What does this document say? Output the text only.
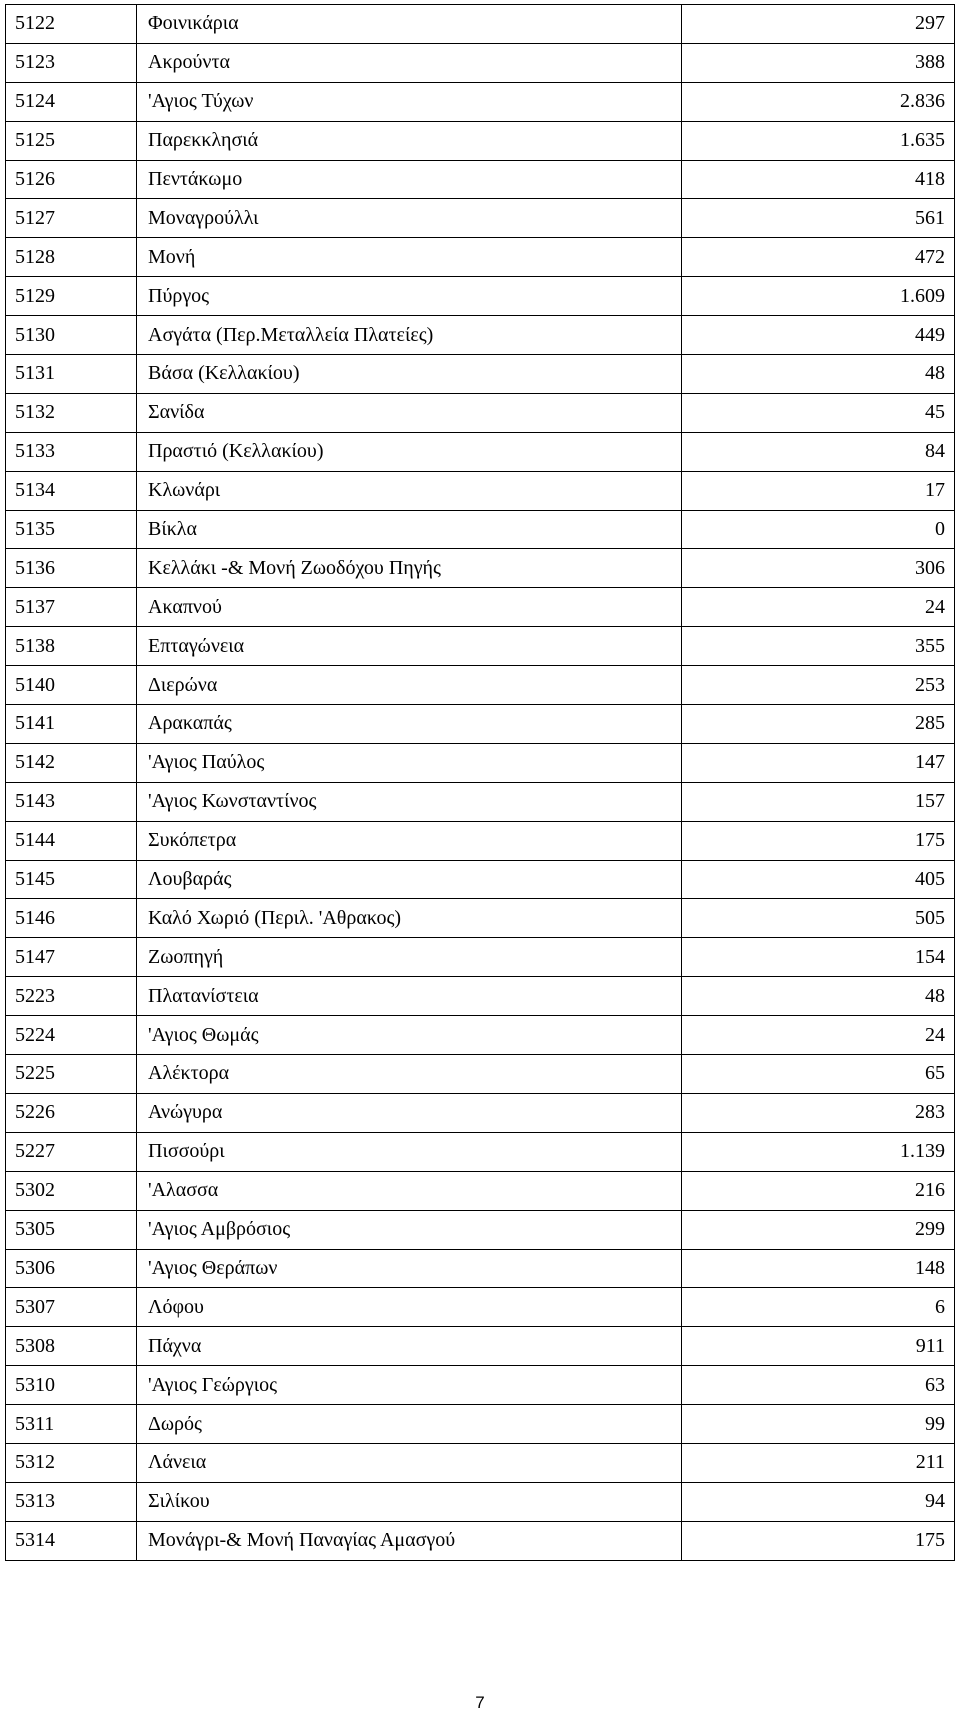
5122	Φοινικάρια	297
5123	Ακρούντα	388
5124	'Αγιος Τύχων	2.836
5125	Παρεκκλησιά	1.635
5126	Πεντάκωμο	418
5127	Μοναγρούλλι	561
5128	Μονή	472
5129	Πύργος	1.609
5130	Ασγάτα (Περ.Μεταλλεία Πλατείες)	449
5131	Βάσα (Κελλακίου)	48
5132	Σανίδα	45
5133	Πραστιό (Κελλακίου)	84
5134	Κλωνάρι	17
5135	Βίκλα	0
5136	Κελλάκι -& Μονή Ζωοδόχου Πηγής	306
5137	Ακαπνού	24
5138	Επταγώνεια	355
5140	Διερώνα	253
5141	Αρακαπάς	285
5142	'Αγιος Παύλος	147
5143	'Αγιος Κωνσταντίνος	157
5144	Συκόπετρα	175
5145	Λουβαράς	405
5146	Καλό Χωριό (Περιλ. 'Αθρακος)	505
5147	Ζωοπηγή	154
5223	Πλατανίστεια	48
5224	'Αγιος Θωμάς	24
5225	Αλέκτορα	65
5226	Ανώγυρα	283
5227	Πισσούρι	1.139
5302	'Αλασσα	216
5305	'Αγιος Αμβρόσιος	299
5306	'Αγιος Θεράπων	148
5307	Λόφου	6
5308	Πάχνα	911
5310	'Αγιος Γεώργιος	63
5311	Δωρός	99
5312	Λάνεια	211
5313	Σιλίκου	94
5314	Μονάγρι-& Μονή Παναγίας Αμασγού	175
7
